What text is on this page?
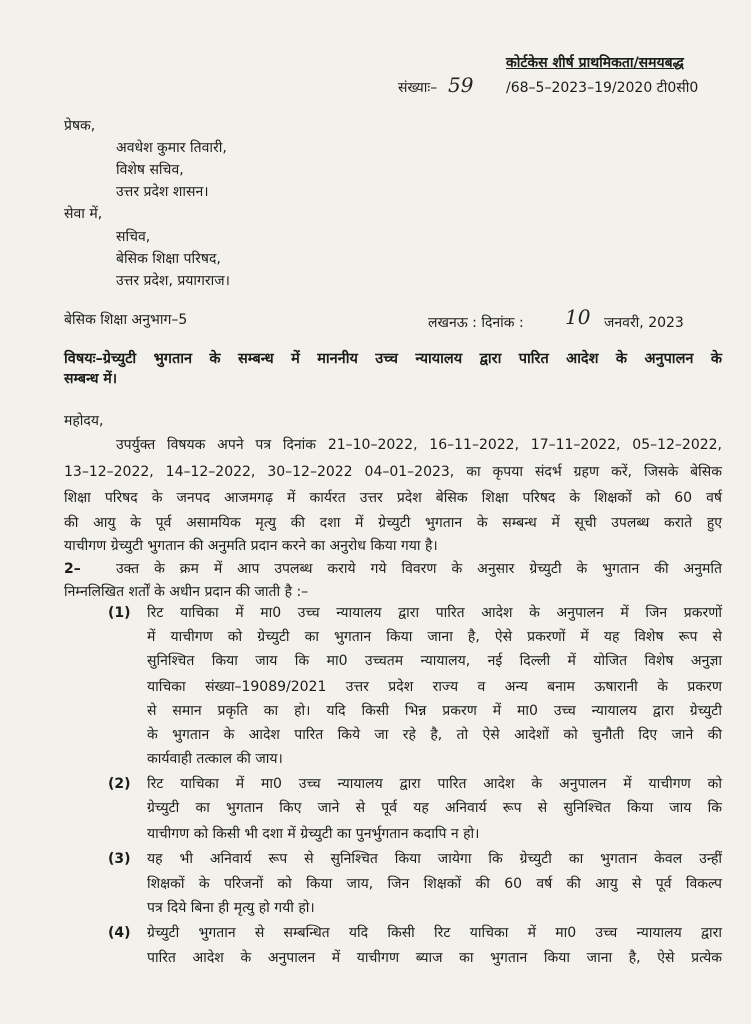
कोर्टकेस शीर्ष प्राथमिकता/समयबद्ध
संख्याः– 59 /68–5–2023–19/2020 टी0सी0
प्रेषक,
अवधेश कुमार तिवारी,
विशेष सचिव,
उत्तर प्रदेश शासन।
सेवा में,
सचिव,
बेसिक शिक्षा परिषद,
उत्तर प्रदेश, प्रयागराज।
बेसिक शिक्षा अनुभाग–5	लखनऊ : दिनांक : 10 जनवरी, 2023
विषयः–ग्रेच्युटी भुगतान के सम्बन्ध में माननीय उच्च न्यायालय द्वारा पारित आदेश के अनुपालन के
सम्बन्ध में।
महोदय,
उपर्युक्त विषयक अपने पत्र दिनांक 21–10–2022, 16–11–2022, 17–11–2022, 05–12–2022,
13–12–2022, 14–12–2022, 30–12–2022 04–01–2023, का कृपया संदर्भ ग्रहण करें, जिसके बेसिक
शिक्षा परिषद के जनपद आजमगढ़ में कार्यरत उत्तर प्रदेश बेसिक शिक्षा परिषद के शिक्षकों को 60 वर्ष
की आयु के पूर्व असामयिक मृत्यु की दशा में ग्रेच्युटी भुगतान के सम्बन्ध में सूची उपलब्ध कराते हुए
याचीगण ग्रेच्युटी भुगतान की अनुमति प्रदान करने का अनुरोध किया गया है।
2–	उक्त के क्रम में आप उपलब्ध कराये गये विवरण के अनुसार ग्रेच्युटी के भुगतान की अनुमति
निम्नलिखित शर्तों के अधीन प्रदान की जाती है :–
(1) रिट याचिका में मा0 उच्च न्यायालय द्वारा पारित आदेश के अनुपालन में जिन प्रकरणों
में याचीगण को ग्रेच्युटी का भुगतान किया जाना है, ऐसे प्रकरणों में यह विशेष रूप से
सुनिश्चित किया जाय कि मा0 उच्चतम न्यायालय, नई दिल्ली में योजित विशेष अनुज्ञा
याचिका संख्या–19089/2021 उत्तर प्रदेश राज्य व अन्य बनाम ऊषारानी के प्रकरण
से समान प्रकृति का हो। यदि किसी भिन्न प्रकरण में मा0 उच्च न्यायालय द्वारा ग्रेच्युटी
के भुगतान के आदेश पारित किये जा रहे है, तो ऐसे आदेशों को चुनौती दिए जाने की
कार्यवाही तत्काल की जाय।
(2) रिट याचिका में मा0 उच्च न्यायालय द्वारा पारित आदेश के अनुपालन में याचीगण को
ग्रेच्युटी का भुगतान किए जाने से पूर्व यह अनिवार्य रूप से सुनिश्चित किया जाय कि
याचीगण को किसी भी दशा में ग्रेच्युटी का पुनर्भुगतान कदापि न हो।
(3) यह भी अनिवार्य रूप से सुनिश्चित किया जायेगा कि ग्रेच्युटी का भुगतान केवल उन्हीं
शिक्षकों के परिजनों को किया जाय, जिन शिक्षकों की 60 वर्ष की आयु से पूर्व विकल्प
पत्र दिये बिना ही मृत्यु हो गयी हो।
(4) ग्रेच्युटी भुगतान से सम्बन्धित यदि किसी रिट याचिका में मा0 उच्च न्यायालय द्वारा
पारित आदेश के अनुपालन में याचीगण ब्याज का भुगतान किया जाना है, ऐसे प्रत्येक
